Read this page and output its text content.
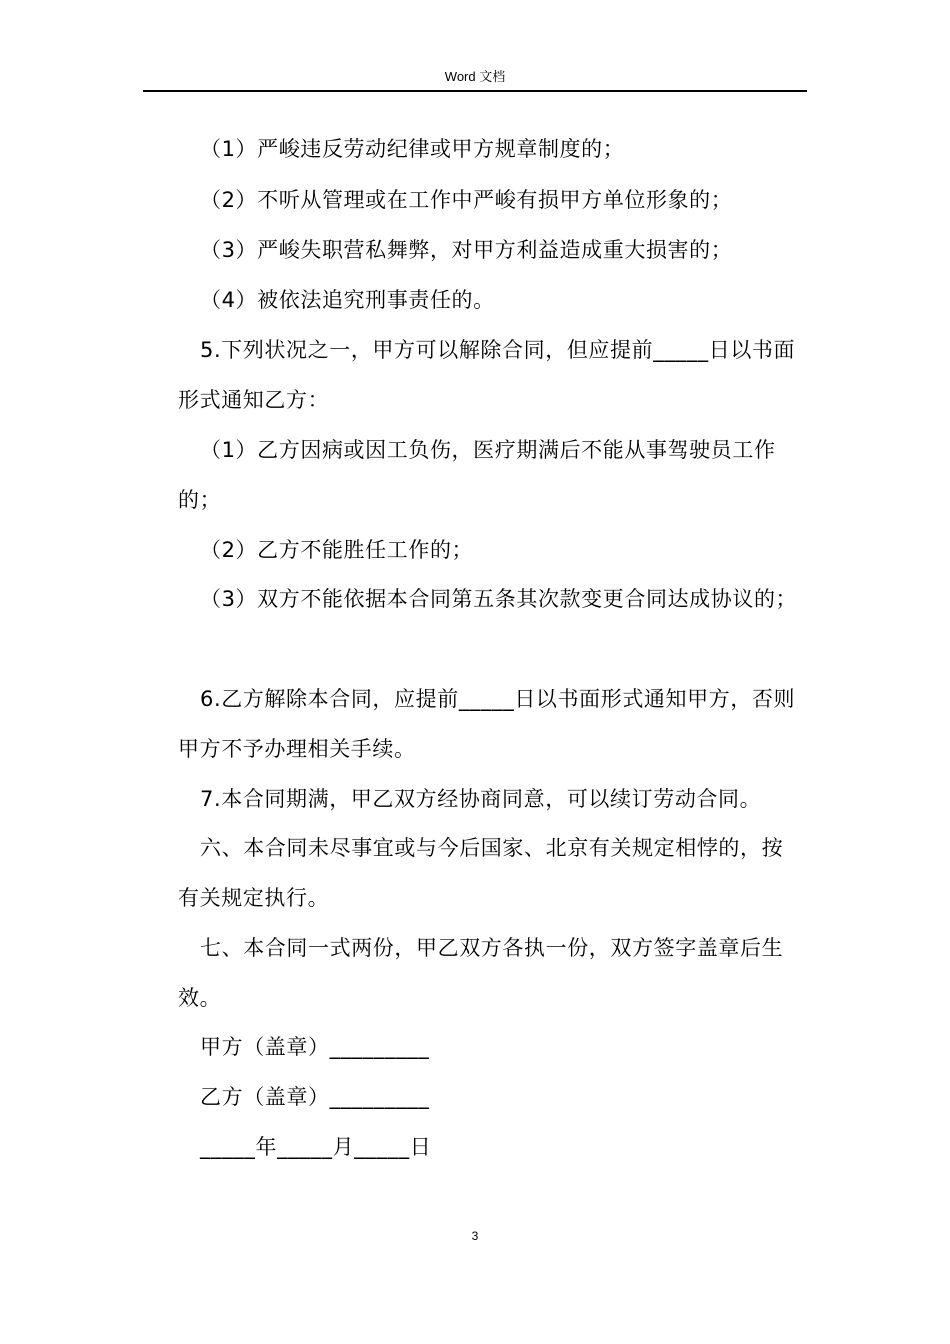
Word 文档
（1）严峻违反劳动纪律或甲方规章制度的；
（2）不听从管理或在工作中严峻有损甲方单位形象的；
（3）严峻失职营私舞弊，对甲方利益造成重大损害的；
（4）被依法追究刑事责任的。
5.下列状况之一，甲方可以解除合同，但应提前_____日以书面
形式通知乙方：
（1）乙方因病或因工负伤，医疗期满后不能从事驾驶员工作
的；
（2）乙方不能胜任工作的；
（3）双方不能依据本合同第五条其次款变更合同达成协议的；
6.乙方解除本合同，应提前_____日以书面形式通知甲方，否则
甲方不予办理相关手续。
7.本合同期满，甲乙双方经协商同意，可以续订劳动合同。
六、本合同未尽事宜或与今后国家、北京有关规定相悖的，按
有关规定执行。
七、本合同一式两份，甲乙双方各执一份，双方签字盖章后生
效。
甲方（盖章）_________
乙方（盖章）_________
_____年_____月_____日
3
